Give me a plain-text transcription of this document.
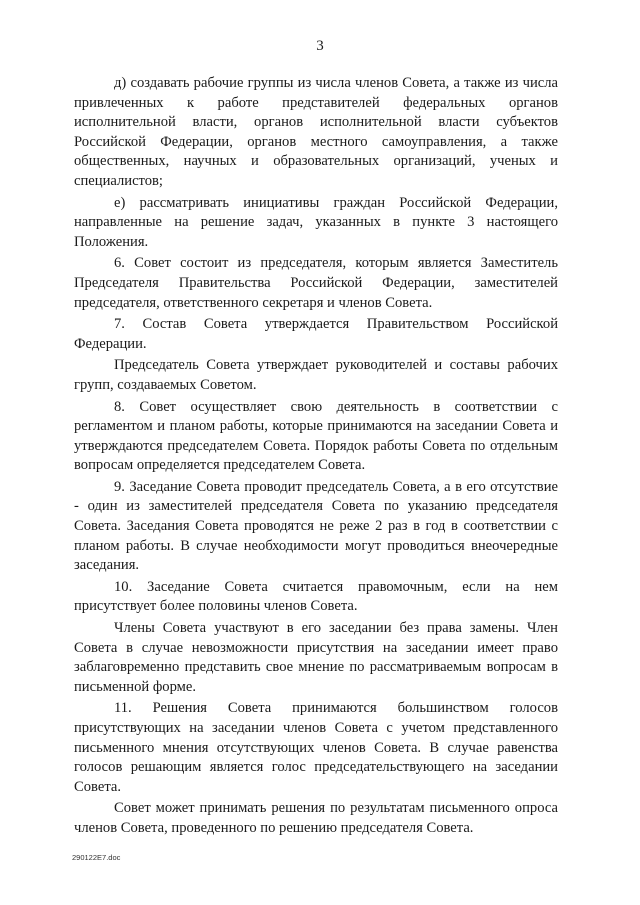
3

д) создавать рабочие группы из числа членов Совета, а также из числа привлеченных к работе представителей федеральных органов исполнительной власти, органов исполнительной власти субъектов Российской Федерации, органов местного самоуправления, а также общественных, научных и образовательных организаций, ученых и специалистов;

е) рассматривать инициативы граждан Российской Федерации, направленные на решение задач, указанных в пункте 3 настоящего Положения.

6. Совет состоит из председателя, которым является Заместитель Председателя Правительства Российской Федерации, заместителей председателя, ответственного секретаря и членов Совета.

7. Состав Совета утверждается Правительством Российской Федерации.

Председатель Совета утверждает руководителей и составы рабочих групп, создаваемых Советом.

8. Совет осуществляет свою деятельность в соответствии с регламентом и планом работы, которые принимаются на заседании Совета и утверждаются председателем Совета. Порядок работы Совета по отдельным вопросам определяется председателем Совета.

9. Заседание Совета проводит председатель Совета, а в его отсутствие - один из заместителей председателя Совета по указанию председателя Совета. Заседания Совета проводятся не реже 2 раз в год в соответствии с планом работы. В случае необходимости могут проводиться внеочередные заседания.

10. Заседание Совета считается правомочным, если на нем присутствует более половины членов Совета.

Члены Совета участвуют в его заседании без права замены. Член Совета в случае невозможности присутствия на заседании имеет право заблаговременно представить свое мнение по рассматриваемым вопросам в письменной форме.

11. Решения Совета принимаются большинством голосов присутствующих на заседании членов Совета с учетом представленного письменного мнения отсутствующих членов Совета. В случае равенства голосов решающим является голос председательствующего на заседании Совета.

Совет может принимать решения по результатам письменного опроса членов Совета, проведенного по решению председателя Совета.

290122E7.doc
